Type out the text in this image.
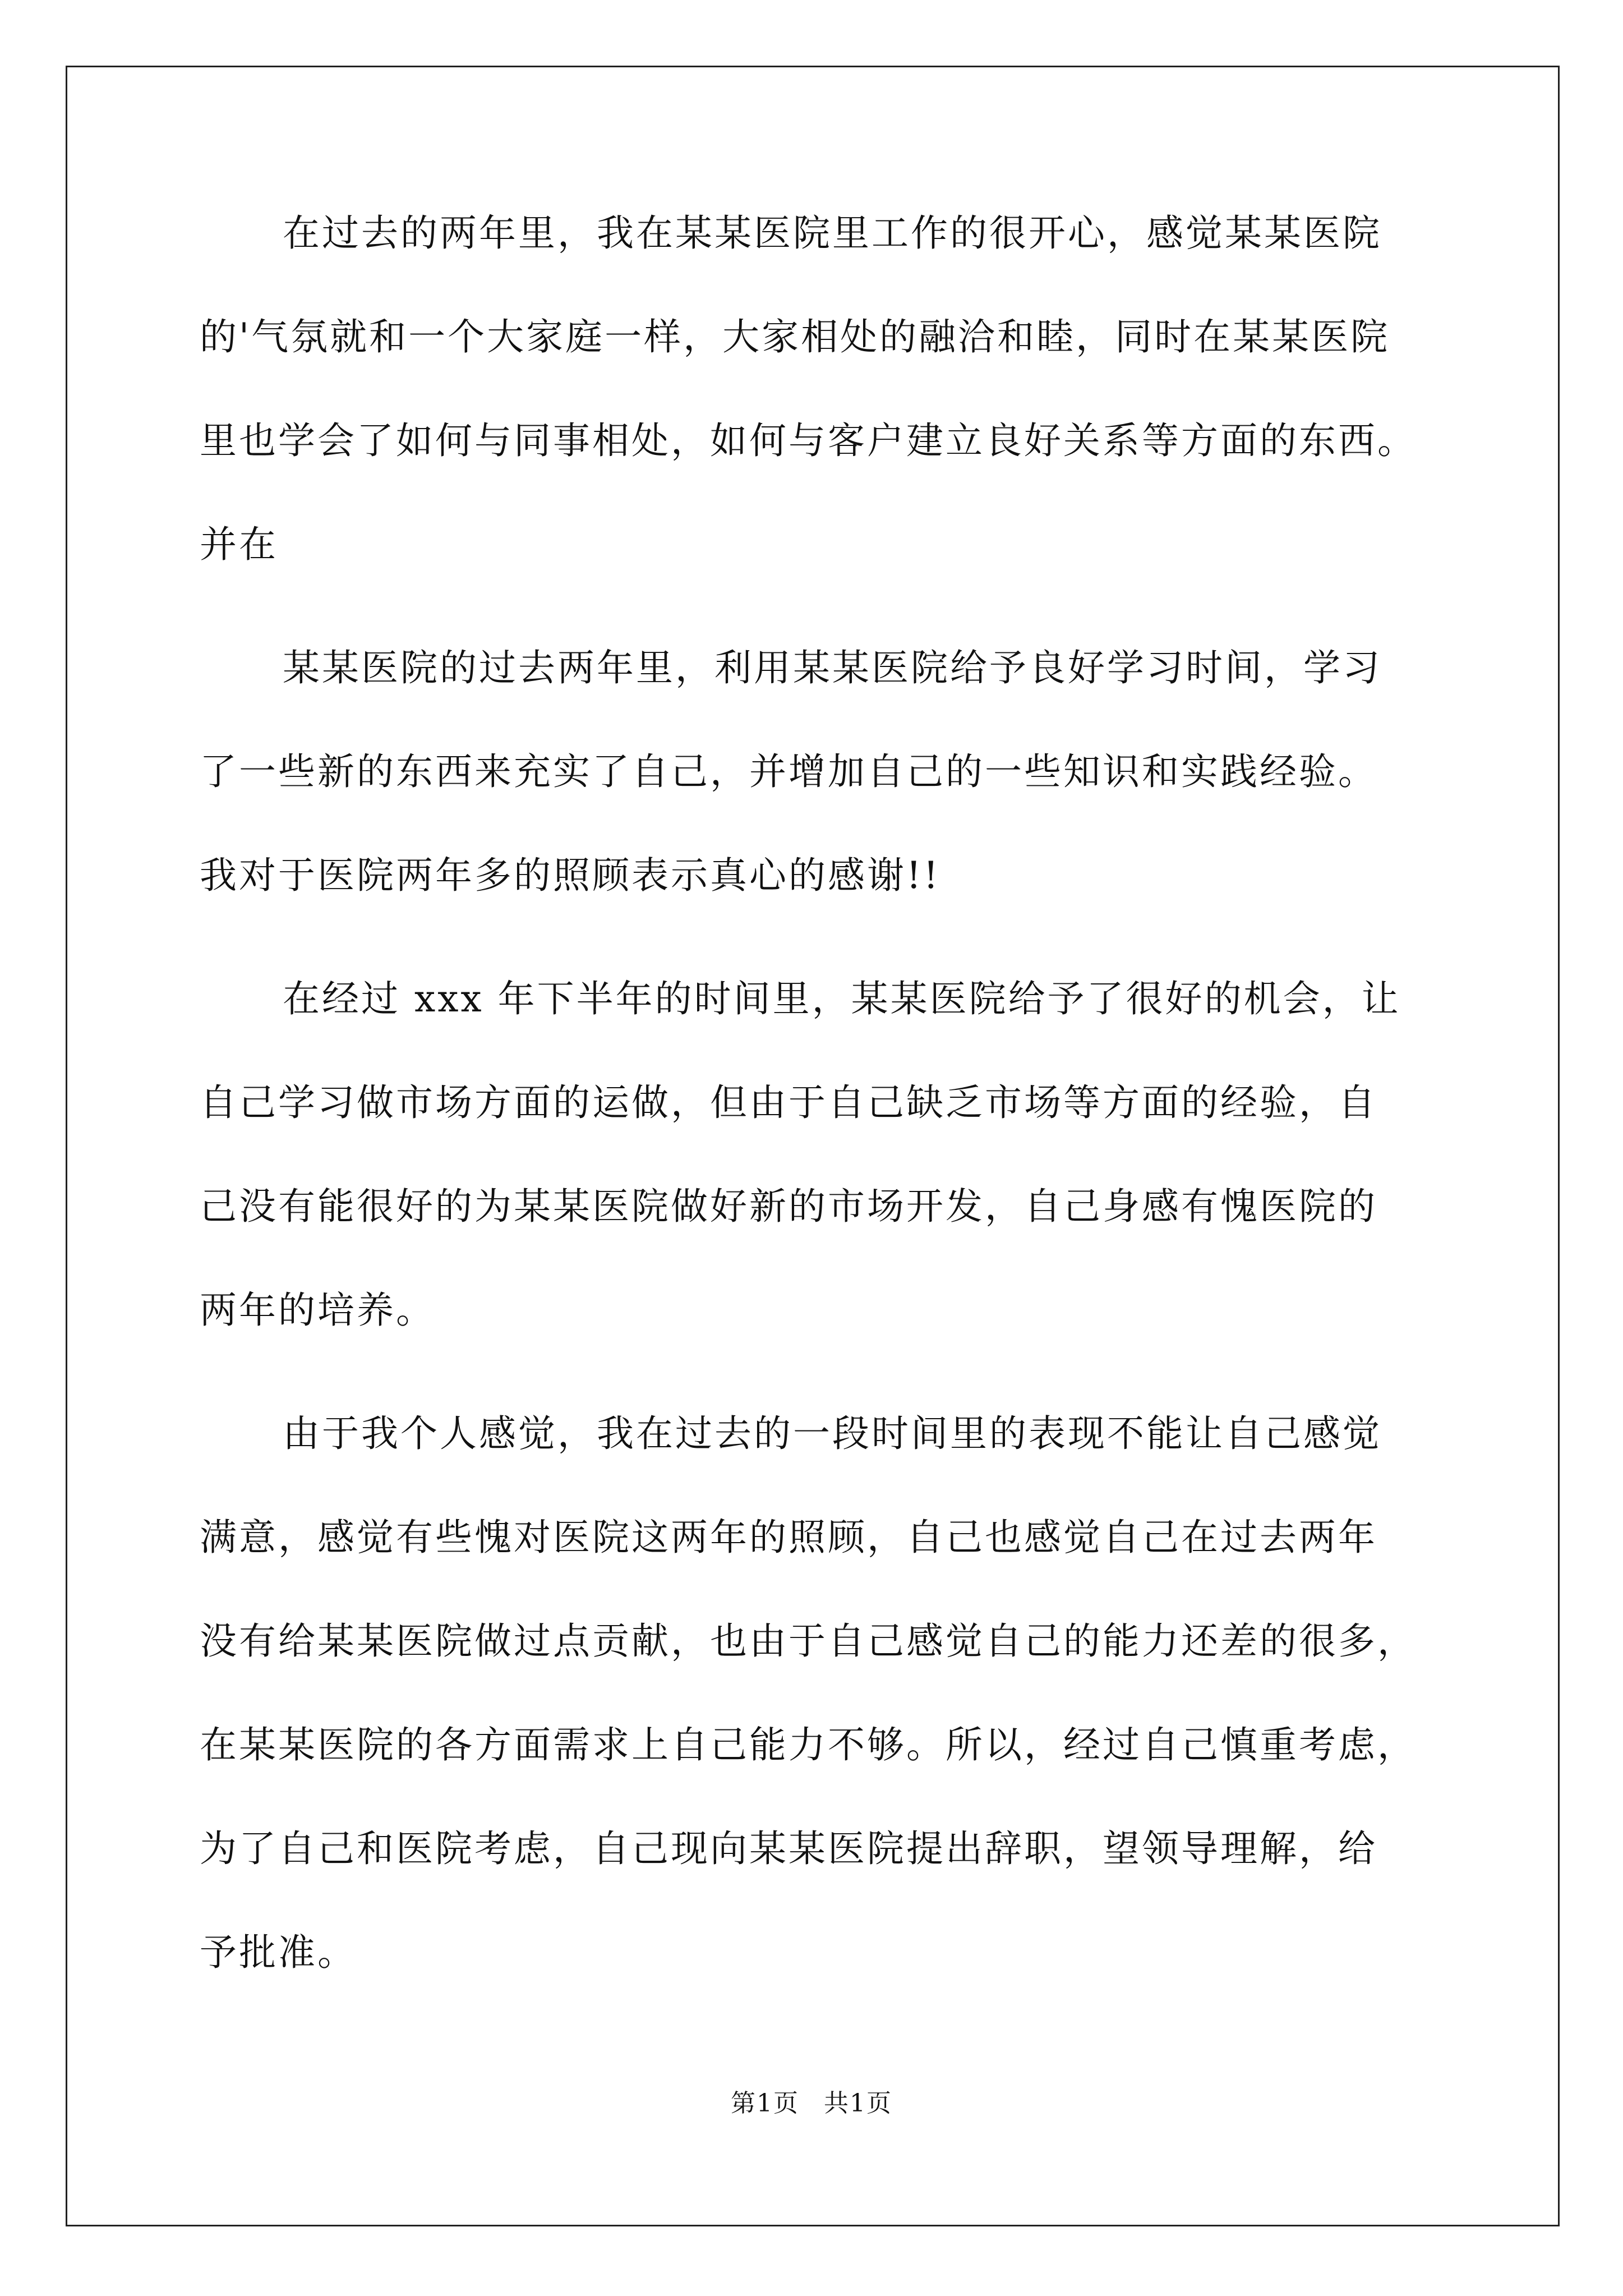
在过去的两年里，我在某某医院里工作的很开心，感觉某某医院

的'气氛就和一个大家庭一样，大家相处的融洽和睦，同时在某某医院

里也学会了如何与同事相处，如何与客户建立良好关系等方面的东西。

并在

某某医院的过去两年里，利用某某医院给予良好学习时间，学习

了一些新的东西来充实了自己，并增加自己的一些知识和实践经验。

我对于医院两年多的照顾表示真心的感谢!!

在经过 xxx 年下半年的时间里，某某医院给予了很好的机会，让

自己学习做市场方面的运做，但由于自己缺乏市场等方面的经验，自

己没有能很好的为某某医院做好新的市场开发，自己身感有愧医院的

两年的培养。

由于我个人感觉，我在过去的一段时间里的表现不能让自己感觉

满意，感觉有些愧对医院这两年的照顾，自己也感觉自己在过去两年

没有给某某医院做过点贡献，也由于自己感觉自己的能力还差的很多，

在某某医院的各方面需求上自己能力不够。所以，经过自己慎重考虑，

为了自己和医院考虑，自己现向某某医院提出辞职，望领导理解，给

予批准。

第1页 共1页
